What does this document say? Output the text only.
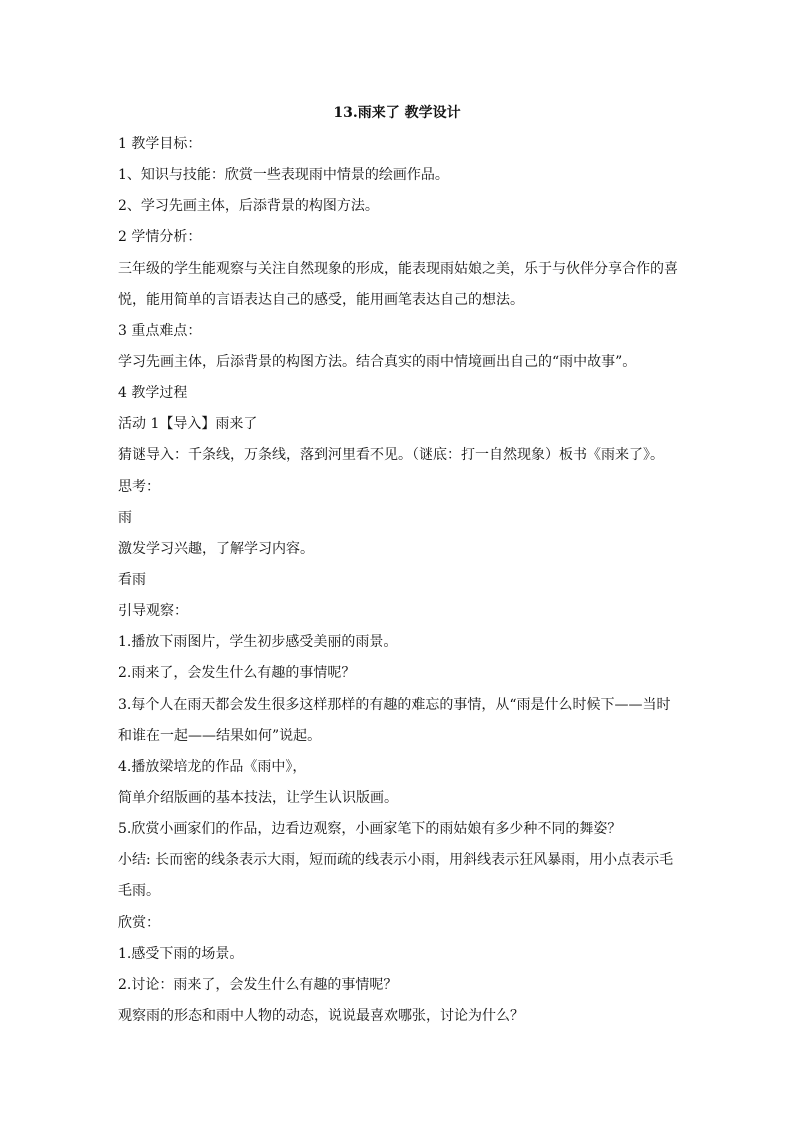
13.雨来了 教学设计
1 教学目标：
1、知识与技能：欣赏一些表现雨中情景的绘画作品。
2、学习先画主体，后添背景的构图方法。
2 学情分析：
三年级的学生能观察与关注自然现象的形成，能表现雨姑娘之美，乐于与伙伴分享合作的喜
悦，能用简单的言语表达自己的感受，能用画笔表达自己的想法。
3 重点难点：
学习先画主体，后添背景的构图方法。结合真实的雨中情境画出自己的“雨中故事”。
4 教学过程
活动 1【导入】雨来了
猜谜导入：千条线，万条线，落到河里看不见。（谜底：打一自然现象）板书《雨来了》。
思考：
雨
激发学习兴趣，了解学习内容。
看雨
引导观察：
1.播放下雨图片，学生初步感受美丽的雨景。
2.雨来了，会发生什么有趣的事情呢？
3.每个人在雨天都会发生很多这样那样的有趣的难忘的事情，从“雨是什么时候下——当时
和谁在一起——结果如何”说起。
4.播放梁培龙的作品《雨中》，
简单介绍版画的基本技法，让学生认识版画。
5.欣赏小画家们的作品，边看边观察，小画家笔下的雨姑娘有多少种不同的舞姿？
小结: 长而密的线条表示大雨，短而疏的线表示小雨，用斜线表示狂风暴雨，用小点表示毛
毛雨。
欣赏：
1.感受下雨的场景。
2.讨论：雨来了，会发生什么有趣的事情呢？
观察雨的形态和雨中人物的动态，说说最喜欢哪张，讨论为什么？
